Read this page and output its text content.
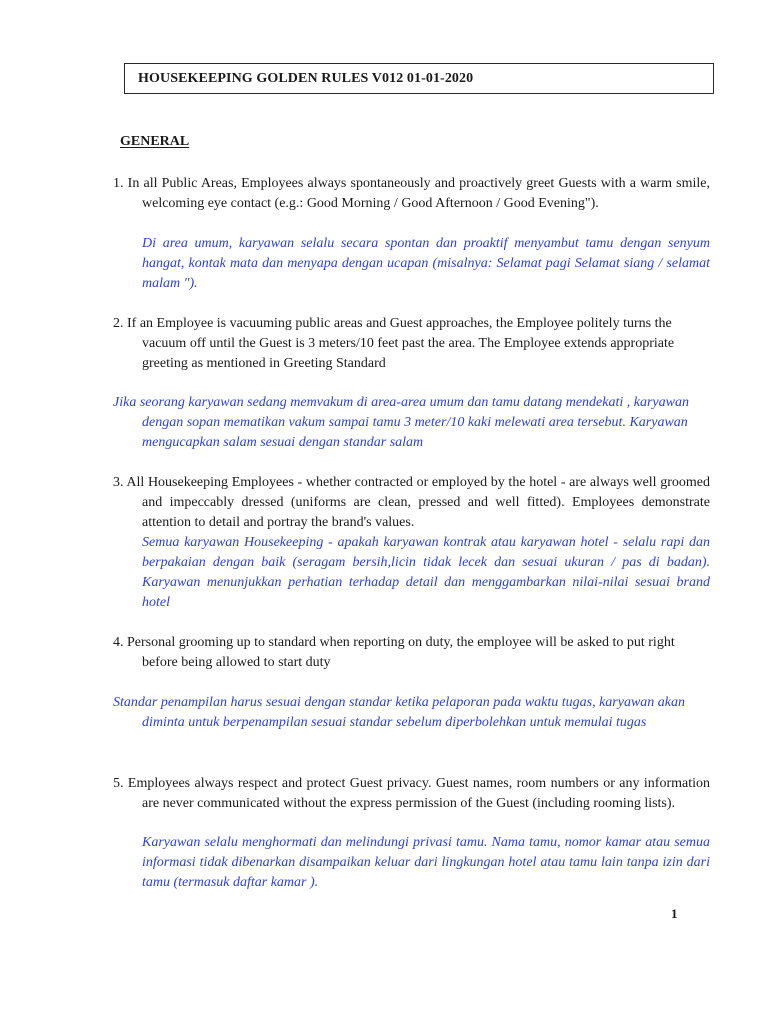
HOUSEKEEPING GOLDEN RULES V012 01-01-2020
GENERAL
1. In all Public Areas, Employees always spontaneously and proactively greet Guests with a warm smile, welcoming eye contact (e.g.: Good Morning / Good Afternoon / Good Evening").
Di area umum, karyawan selalu secara spontan dan proaktif menyambut tamu dengan senyum hangat, kontak mata dan menyapa dengan ucapan (misalnya: Selamat pagi Selamat siang / selamat malam ").
2. If an Employee is vacuuming public areas and Guest approaches, the Employee politely turns the vacuum off until the Guest is 3 meters/10 feet past the area. The Employee extends appropriate greeting as mentioned in Greeting Standard
Jika seorang karyawan sedang memvakum di area-area umum dan tamu datang mendekati , karyawan dengan sopan mematikan vakum sampai tamu 3 meter/10 kaki melewati area tersebut. Karyawan mengucapkan salam sesuai dengan standar salam
3. All Housekeeping Employees - whether contracted or employed by the hotel - are always well groomed and impeccably dressed (uniforms are clean, pressed and well fitted). Employees demonstrate attention to detail and portray the brand's values.
Semua karyawan Housekeeping - apakah karyawan kontrak atau karyawan hotel - selalu rapi dan berpakaian dengan baik (seragam bersih,licin tidak lecek dan sesuai ukuran / pas di badan). Karyawan menunjukkan perhatian terhadap detail dan menggambarkan nilai-nilai sesuai brand hotel
4. Personal grooming up to standard when reporting on duty, the employee will be asked to put right before being allowed to start duty
Standar penampilan harus sesuai dengan standar ketika pelaporan pada waktu tugas, karyawan akan diminta untuk berpenampilan sesuai standar sebelum diperbolehkan untuk memulai tugas
5. Employees always respect and protect Guest privacy. Guest names, room numbers or any information are never communicated without the express permission of the Guest (including rooming lists).
Karyawan selalu menghormati dan melindungi privasi tamu. Nama tamu, nomor kamar atau semua informasi tidak dibenarkan disampaikan keluar dari lingkungan hotel atau tamu lain tanpa izin dari tamu (termasuk daftar kamar ).
1
